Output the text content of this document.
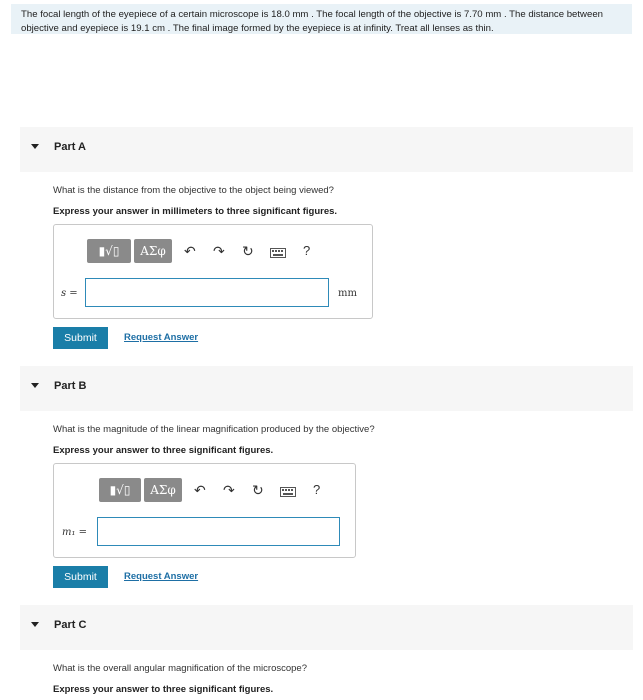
The focal length of the eyepiece of a certain microscope is 18.0 mm . The focal length of the objective is 7.70 mm . The distance between objective and eyepiece is 19.1 cm . The final image formed by the eyepiece is at infinity. Treat all lenses as thin.
Part A
What is the distance from the objective to the object being viewed?
Express your answer in millimeters to three significant figures.
▮√▯	ΑΣφ	↶ ↷ ↻	?
s =	mm
Submit	Request Answer
Part B
What is the magnitude of the linear magnification produced by the objective?
Express your answer to three significant figures.
▮√▯	ΑΣφ	↶ ↷ ↻	?
m₁ =
Submit	Request Answer
Part C
What is the overall angular magnification of the microscope?
Express your answer to three significant figures.
